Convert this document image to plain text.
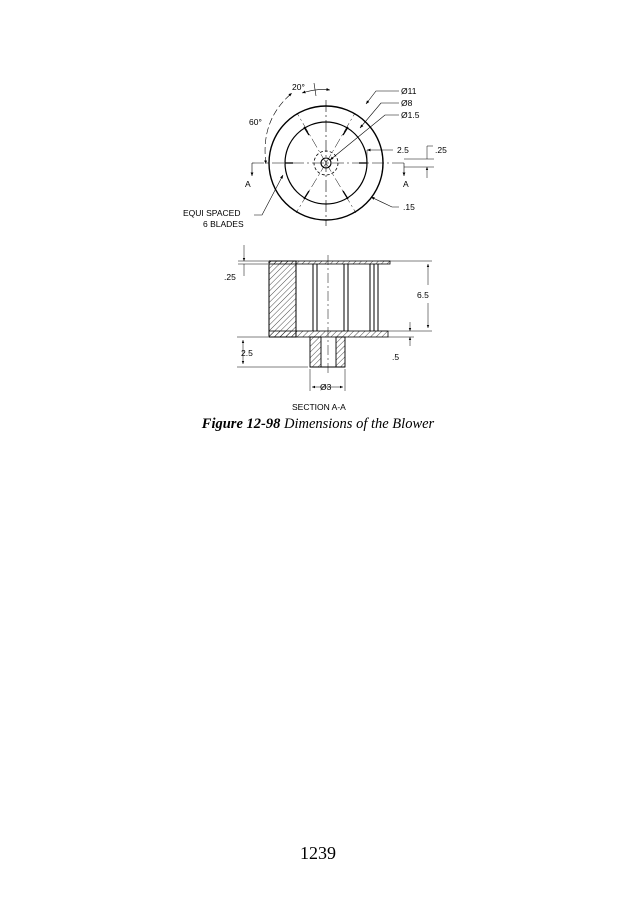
20°
60°
Ø11
Ø8
Ø1.5
2.5	.25
A	A
EQUI SPACED
6 BLADES
.15
.25
6.5
.5
2.5
Ø3
SECTION A-A
Figure 12-98 Dimensions of the Blower
1239
